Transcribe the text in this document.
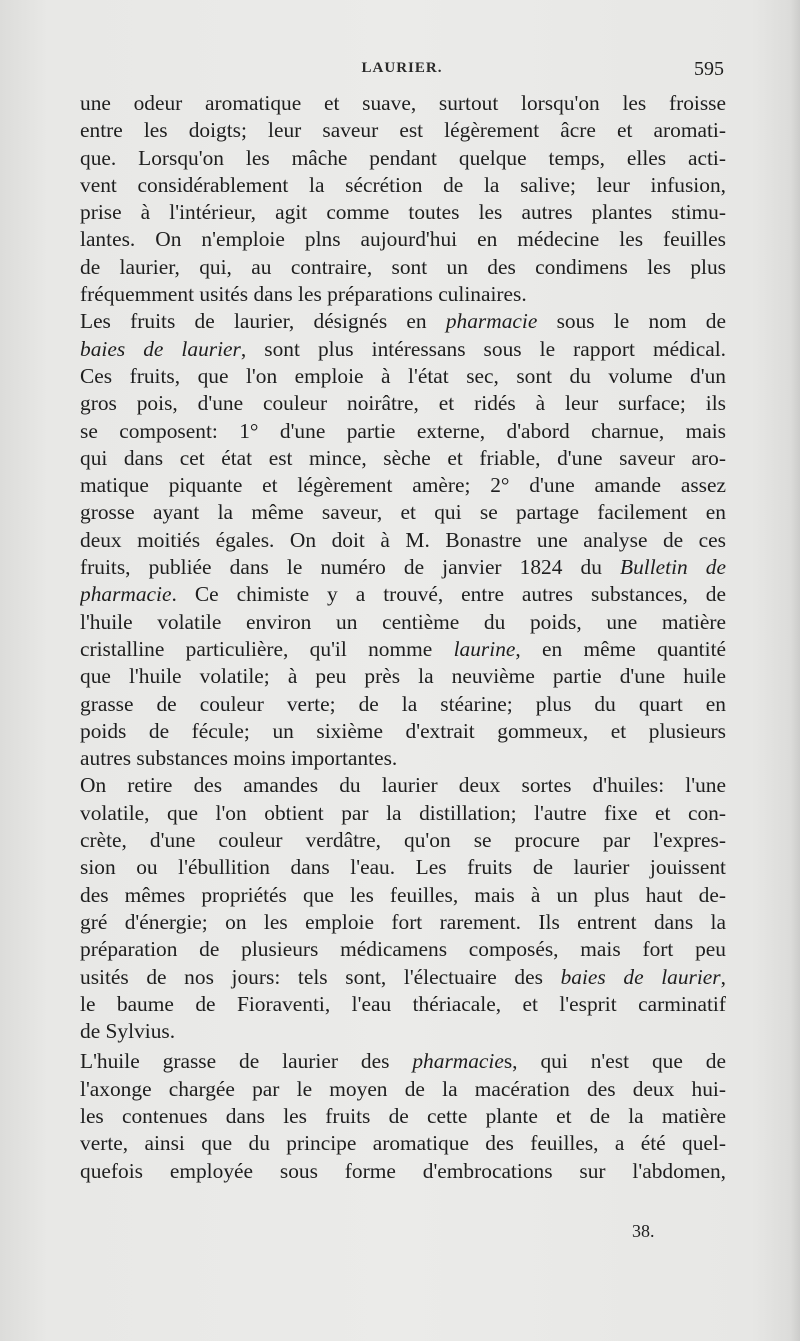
LAURIER.	595
une odeur aromatique et suave, surtout lorsqu'on les froisse
entre les doigts; leur saveur est légèrement âcre et aromati-
que. Lorsqu'on les mâche pendant quelque temps, elles acti-
vent considérablement la sécrétion de la salive; leur infusion,
prise à l'intérieur, agit comme toutes les autres plantes stimu-
lantes. On n'emploie plns aujourd'hui en médecine les feuilles
de laurier, qui, au contraire, sont un des condimens les plus
fréquemment usités dans les préparations culinaires.
Les fruits de laurier, désignés en pharmacie sous le nom de
baies de laurier, sont plus intéressans sous le rapport médical.
Ces fruits, que l'on emploie à l'état sec, sont du volume d'un
gros pois, d'une couleur noirâtre, et ridés à leur surface; ils
se composent: 1° d'une partie externe, d'abord charnue, mais
qui dans cet état est mince, sèche et friable, d'une saveur aro-
matique piquante et légèrement amère; 2° d'une amande assez
grosse ayant la même saveur, et qui se partage facilement en
deux moitiés égales. On doit à M. Bonastre une analyse de ces
fruits, publiée dans le numéro de janvier 1824 du Bulletin de
pharmacie. Ce chimiste y a trouvé, entre autres substances, de
l'huile volatile environ un centième du poids, une matière
cristalline particulière, qu'il nomme laurine, en même quantité
que l'huile volatile; à peu près la neuvième partie d'une huile
grasse de couleur verte; de la stéarine; plus du quart en
poids de fécule; un sixième d'extrait gommeux, et plusieurs
autres substances moins importantes.
On retire des amandes du laurier deux sortes d'huiles: l'une
volatile, que l'on obtient par la distillation; l'autre fixe et con-
crète, d'une couleur verdâtre, qu'on se procure par l'expres-
sion ou l'ébullition dans l'eau. Les fruits de laurier jouissent
des mêmes propriétés que les feuilles, mais à un plus haut de-
gré d'énergie; on les emploie fort rarement. Ils entrent dans la
préparation de plusieurs médicamens composés, mais fort peu
usités de nos jours: tels sont, l'électuaire des baies de laurier,
le baume de Fioraventi, l'eau thériacale, et l'esprit carminatif
de Sylvius.
L'huile grasse de laurier des pharmacies, qui n'est que de
l'axonge chargée par le moyen de la macération des deux hui-
les contenues dans les fruits de cette plante et de la matière
verte, ainsi que du principe aromatique des feuilles, a été quel-
quefois employée sous forme d'embrocations sur l'abdomen,
38.
